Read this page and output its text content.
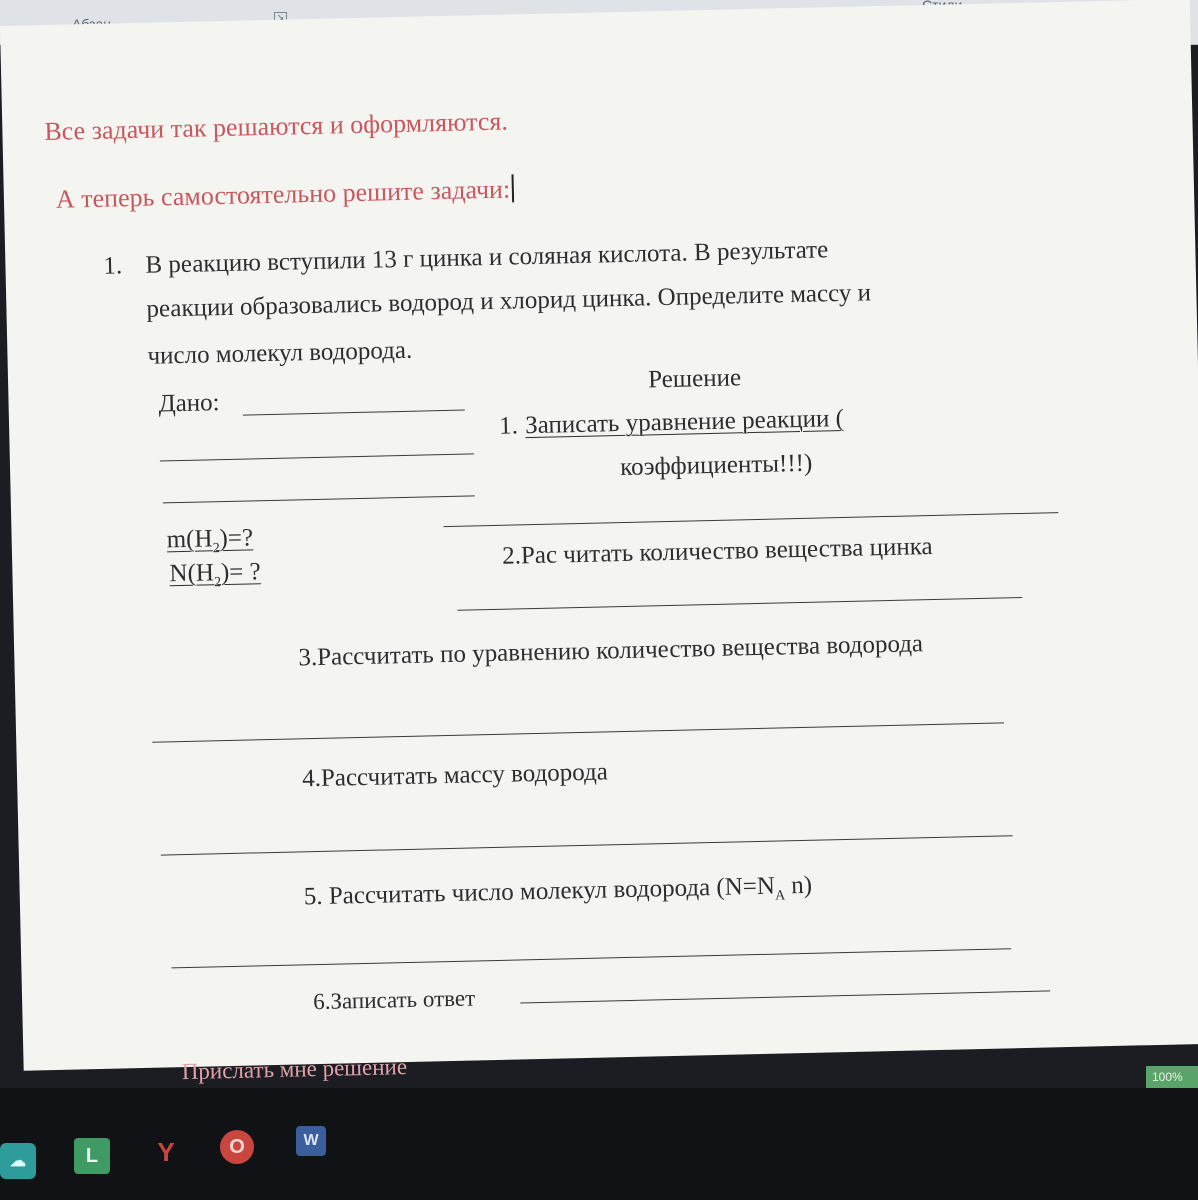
↘
Все задачи так решаются и оформляются.
А теперь самостоятельно решите задачи:
1. В реакцию вступили 13 г цинка и соляная кислота. В результате
реакции образовались водород и хлорид цинка. Определите массу и
число молекул водорода.
Решение
Дано:
1. Записать уравнение реакции (
коэффициенты!!!)
$m(H_2)=$?
$N(H_2)=$ ?
2.Рас читать количество вещества цинка
3.Рассчитать по уравнению количество вещества водорода
4.Рассчитать массу водорода
5. Рассчитать число молекул водорода ($N=N_A$ n)
6.Записать ответ
Прислать мне решение	100%
☁	L	Y	O	W
